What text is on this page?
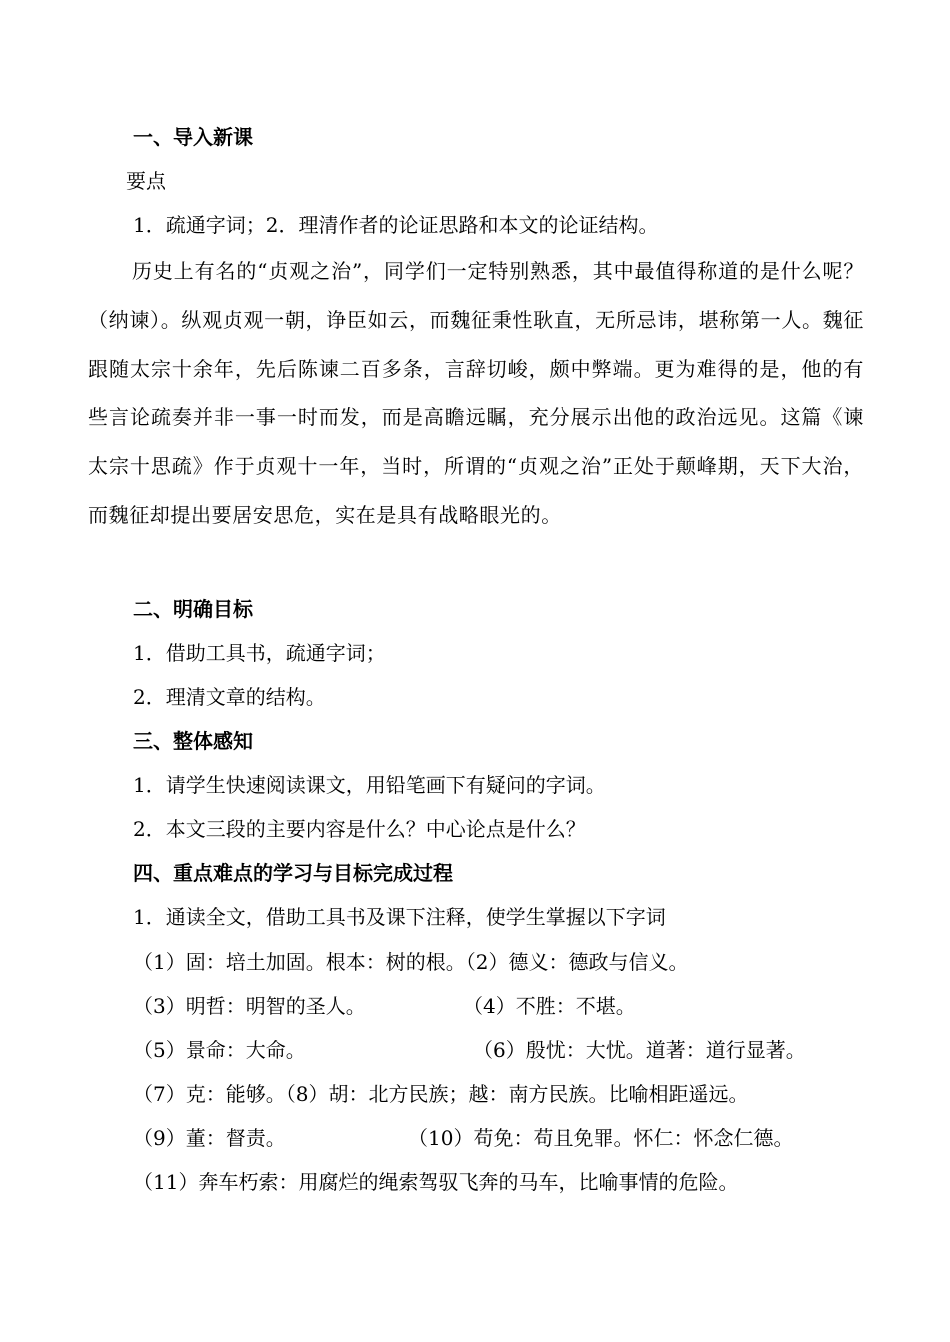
一、导入新课
要点
1．疏通字词；2．理清作者的论证思路和本文的论证结构。
历史上有名的“贞观之治”，同学们一定特别熟悉，其中最值得称道的是什么呢？（纳谏）。纵观贞观一朝，诤臣如云，而魏征秉性耿直，无所忌讳，堪称第一人。魏征跟随太宗十余年，先后陈谏二百多条，言辞切峻，颇中弊端。更为难得的是，他的有些言论疏奏并非一事一时而发，而是高瞻远瞩，充分展示出他的政治远见。这篇《谏太宗十思疏》作于贞观十一年，当时，所谓的“贞观之治”正处于颠峰期，天下大治，而魏征却提出要居安思危，实在是具有战略眼光的。
二、明确目标
1．借助工具书，疏通字词；
2．理清文章的结构。
三、整体感知
1．请学生快速阅读课文，用铅笔画下有疑问的字词。
2．本文三段的主要内容是什么？中心论点是什么？
四、重点难点的学习与目标完成过程
1．通读全文，借助工具书及课下注释，使学生掌握以下字词
（1）固：培土加固。根本：树的根。（2）德义：德政与信义。
（3）明哲：明智的圣人。	（4）不胜：不堪。
（5）景命：大命。	（6）殷忧：大忧。道著：道行显著。
（7）克：能够。（8）胡：北方民族；越：南方民族。比喻相距遥远。
（9）董：督责。	（10）苟免：苟且免罪。怀仁：怀念仁德。
（11）奔车朽索：用腐烂的绳索驾驭飞奔的马车，比喻事情的危险。
